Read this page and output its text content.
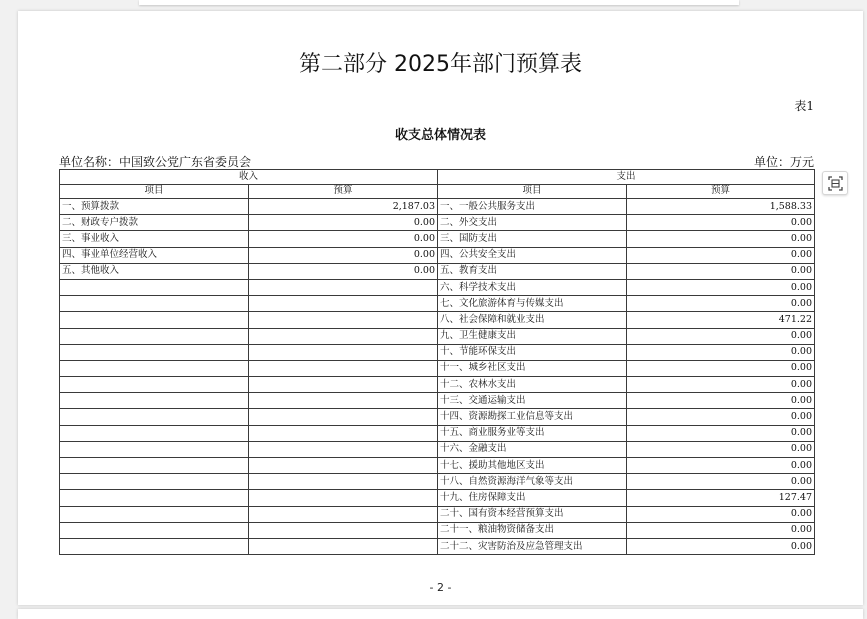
第二部分 2025年部门预算表
表1
收支总体情况表
单位名称：中国致公党广东省委员会	单位：万元
收入		支出	
项目	预算	项目	预算
一、预算拨款	2,187.03	一、一般公共服务支出	1,588.33
二、财政专户拨款	0.00	二、外交支出	0.00
三、事业收入	0.00	三、国防支出	0.00
四、事业单位经营收入	0.00	四、公共安全支出	0.00
五、其他收入	0.00	五、教育支出	0.00
		六、科学技术支出	0.00
		七、文化旅游体育与传媒支出	0.00
		八、社会保障和就业支出	471.22
		九、卫生健康支出	0.00
		十、节能环保支出	0.00
		十一、城乡社区支出	0.00
		十二、农林水支出	0.00
		十三、交通运输支出	0.00
		十四、资源勘探工业信息等支出	0.00
		十五、商业服务业等支出	0.00
		十六、金融支出	0.00
		十七、援助其他地区支出	0.00
		十八、自然资源海洋气象等支出	0.00
		十九、住房保障支出	127.47
		二十、国有资本经营预算支出	0.00
		二十一、粮油物资储备支出	0.00
		二十二、灾害防治及应急管理支出	0.00
- 2 -
